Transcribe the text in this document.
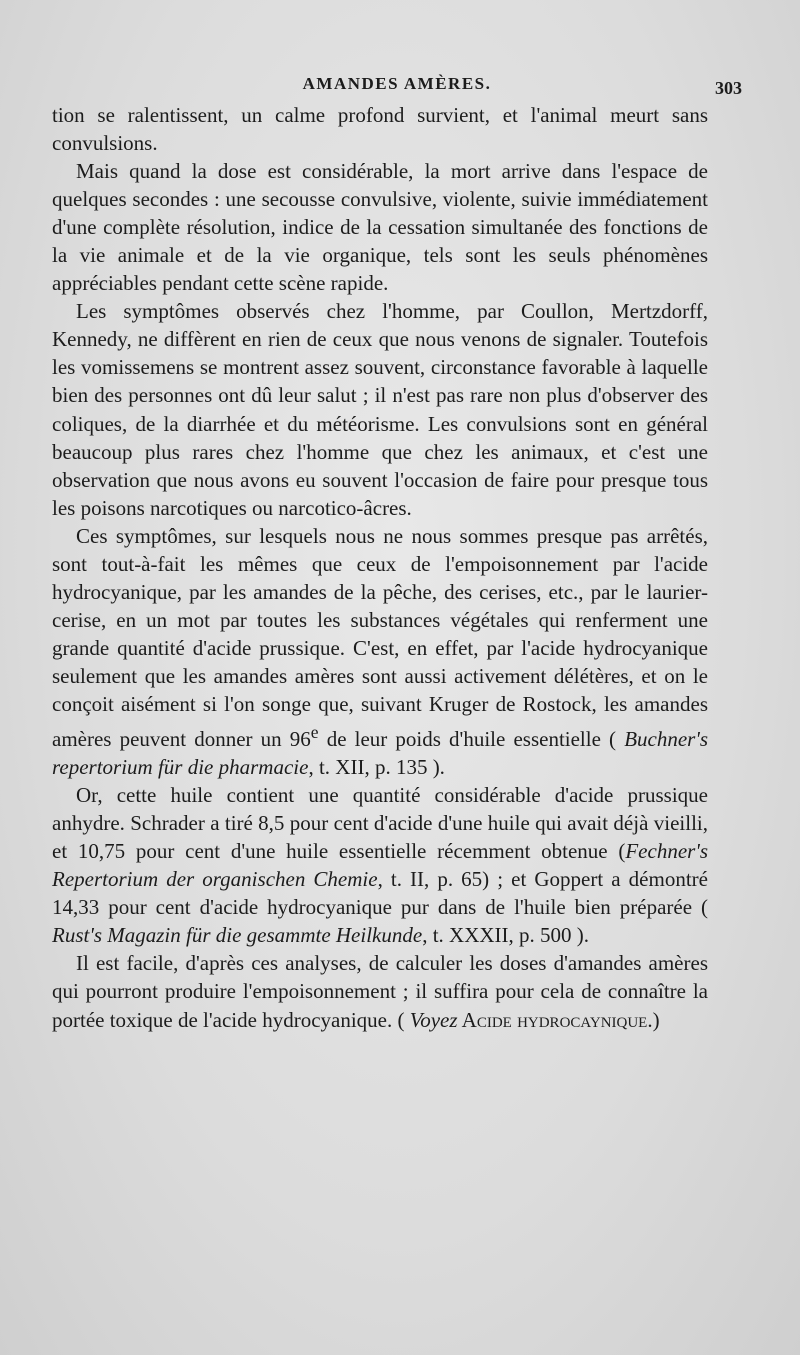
AMANDES AMÈRES.	303

tion se ralentissent, un calme profond survient, et l'animal meurt sans convulsions.

Mais quand la dose est considérable, la mort arrive dans l'espace de quelques secondes : une secousse convulsive, violente, suivie immédiatement d'une complète résolution, indice de la cessation simultanée des fonctions de la vie animale et de la vie organique, tels sont les seuls phénomènes appréciables pendant cette scène rapide.

Les symptômes observés chez l'homme, par Coullon, Mertzdorff, Kennedy, ne diffèrent en rien de ceux que nous venons de signaler. Toutefois les vomissemens se montrent assez souvent, circonstance favorable à laquelle bien des personnes ont dû leur salut ; il n'est pas rare non plus d'observer des coliques, de la diarrhée et du météorisme. Les convulsions sont en général beaucoup plus rares chez l'homme que chez les animaux, et c'est une observation que nous avons eu souvent l'occasion de faire pour presque tous les poisons narcotiques ou narcotico-âcres.

Ces symptômes, sur lesquels nous ne nous sommes presque pas arrêtés, sont tout-à-fait les mêmes que ceux de l'empoisonnement par l'acide hydrocyanique, par les amandes de la pêche, des cerises, etc., par le laurier-cerise, en un mot par toutes les substances végétales qui renferment une grande quantité d'acide prussique. C'est, en effet, par l'acide hydrocyanique seulement que les amandes amères sont aussi activement délétères, et on le conçoit aisément si l'on songe que, suivant Kruger de Rostock, les amandes amères peuvent donner un 96e de leur poids d'huile essentielle ( Buchner's repertorium für die pharmacie, t. XII, p. 135 ).

Or, cette huile contient une quantité considérable d'acide prussique anhydre. Schrader a tiré 8,5 pour cent d'acide d'une huile qui avait déjà vieilli, et 10,75 pour cent d'une huile essentielle récemment obtenue (Fechner's Repertorium der organischen Chemie, t. II, p. 65) ; et Goppert a démontré 14,33 pour cent d'acide hydrocyanique pur dans de l'huile bien préparée ( Rust's Magazin für die gesammte Heilkunde, t. XXXII, p. 500 ).

Il est facile, d'après ces analyses, de calculer les doses d'amandes amères qui pourront produire l'empoisonnement ; il suffira pour cela de connaître la portée toxique de l'acide hydrocyanique. ( Voyez Acide hydrocaynique.)
